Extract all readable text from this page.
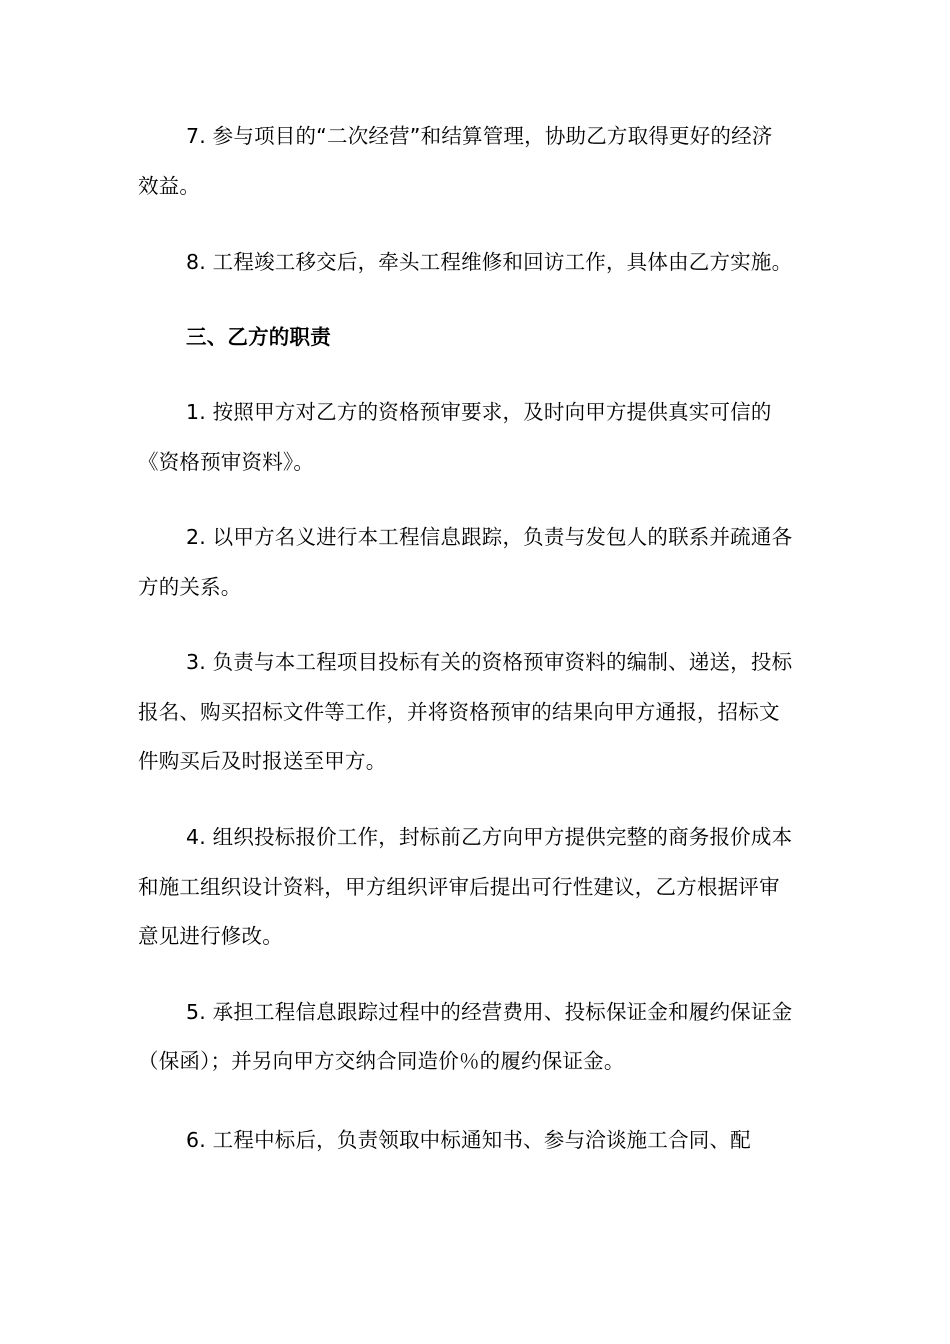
7. 参与项目的“二次经营”和结算管理，协助乙方取得更好的经济
效益。
8. 工程竣工移交后，牵头工程维修和回访工作，具体由乙方实施。
三、乙方的职责
1. 按照甲方对乙方的资格预审要求，及时向甲方提供真实可信的
《资格预审资料》。
2. 以甲方名义进行本工程信息跟踪，负责与发包人的联系并疏通各
方的关系。
3. 负责与本工程项目投标有关的资格预审资料的编制、递送，投标
报名、购买招标文件等工作，并将资格预审的结果向甲方通报，招标文
件购买后及时报送至甲方。
4. 组织投标报价工作，封标前乙方向甲方提供完整的商务报价成本
和施工组织设计资料，甲方组织评审后提出可行性建议，乙方根据评审
意见进行修改。
5. 承担工程信息跟踪过程中的经营费用、投标保证金和履约保证金
（保函）；并另向甲方交纳合同造价％的履约保证金。
6. 工程中标后，负责领取中标通知书、参与洽谈施工合同、配
